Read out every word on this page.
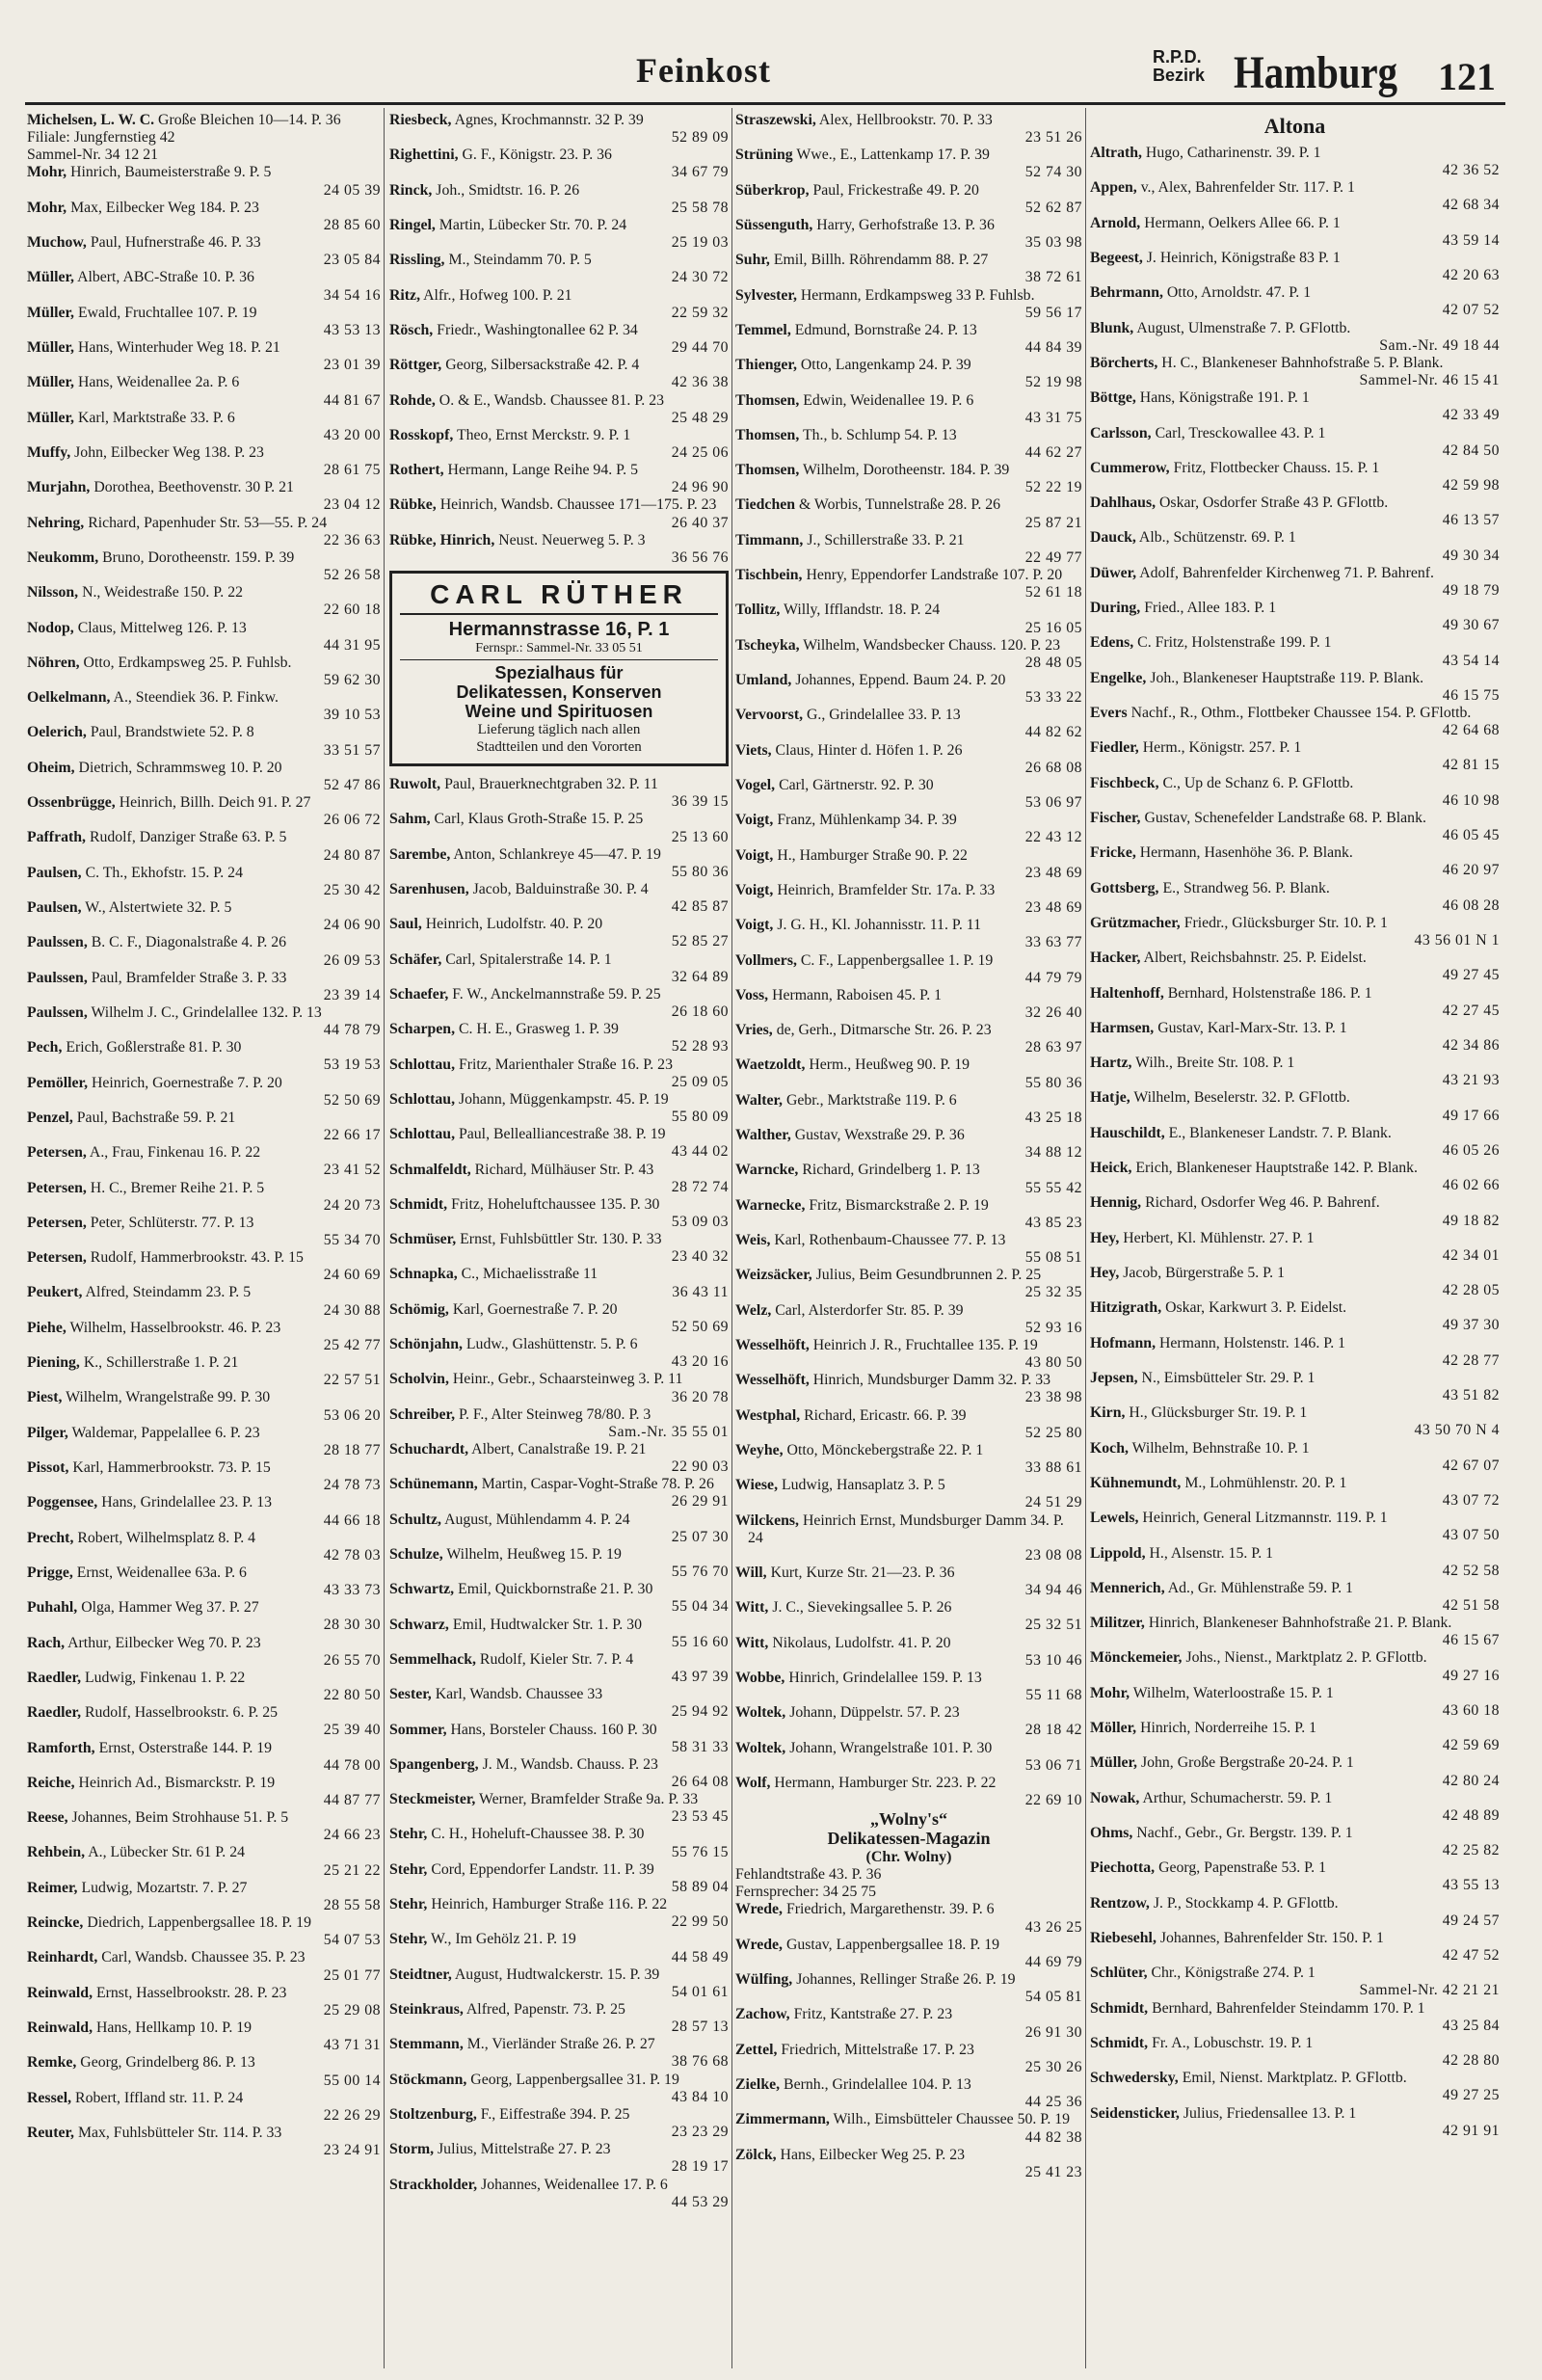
Feinkost	R.P.D.
Bezirk Hamburg 121

Michelsen, L. W. C. Große Bleichen 10—14. P. 36

Filiale: Jungfernstieg 42

Sammel-Nr. 34 12 21

Mohr, Hinrich, Baumeisterstraße 9. P. 5
24 05 39

Mohr, Max, Eilbecker Weg 184. P. 23
28 85 60

Muchow, Paul, Hufnerstraße 46. P. 33
23 05 84

Müller, Albert, ABC-Straße 10. P. 36
34 54 16

Müller, Ewald, Fruchtallee 107. P. 19
43 53 13

Müller, Hans, Winterhuder Weg 18. P. 21
23 01 39

Müller, Hans, Weidenallee 2a. P. 6
44 81 67

Müller, Karl, Marktstraße 33. P. 6
43 20 00

Muffy, John, Eilbecker Weg 138. P. 23
28 61 75

Murjahn, Dorothea, Beethovenstr. 30 P. 21
23 04 12

Nehring, Richard, Papenhuder Str. 53—55. P. 24
22 36 63

Neukomm, Bruno, Dorotheenstr. 159. P. 39
52 26 58

Nilsson, N., Weidestraße 150. P. 22
22 60 18

Nodop, Claus, Mittelweg 126. P. 13
44 31 95

Nöhren, Otto, Erdkampsweg 25. P. Fuhlsb.
59 62 30

Oelkelmann, A., Steendiek 36. P. Finkw.
39 10 53

Oelerich, Paul, Brandstwiete 52. P. 8
33 51 57

Oheim, Dietrich, Schrammsweg 10. P. 20
52 47 86

Ossenbrügge, Heinrich, Billh. Deich 91. P. 27
26 06 72

Paffrath, Rudolf, Danziger Straße 63. P. 5
24 80 87

Paulsen, C. Th., Ekhofstr. 15. P. 24
25 30 42

Paulsen, W., Alstertwiete 32. P. 5
24 06 90

Paulssen, B. C. F., Diagonalstraße 4. P. 26
26 09 53

Paulssen, Paul, Bramfelder Straße 3. P. 33
23 39 14

Paulssen, Wilhelm J. C., Grindelallee 132. P. 13
44 78 79

Pech, Erich, Goßlerstraße 81. P. 30
53 19 53

Pemöller, Heinrich, Goernestraße 7. P. 20
52 50 69

Penzel, Paul, Bachstraße 59. P. 21
22 66 17

Petersen, A., Frau, Finkenau 16. P. 22
23 41 52

Petersen, H. C., Bremer Reihe 21. P. 5
24 20 73

Petersen, Peter, Schlüterstr. 77. P. 13
55 34 70

Petersen, Rudolf, Hammerbrookstr. 43. P. 15
24 60 69

Peukert, Alfred, Steindamm 23. P. 5
24 30 88

Piehe, Wilhelm, Hasselbrookstr. 46. P. 23
25 42 77

Piening, K., Schillerstraße 1. P. 21
22 57 51

Piest, Wilhelm, Wrangelstraße 99. P. 30
53 06 20

Pilger, Waldemar, Pappelallee 6. P. 23
28 18 77

Pissot, Karl, Hammerbrookstr. 73. P. 15
24 78 73

Poggensee, Hans, Grindelallee 23. P. 13
44 66 18

Precht, Robert, Wilhelmsplatz 8. P. 4
42 78 03

Prigge, Ernst, Weidenallee 63a. P. 6
43 33 73

Puhahl, Olga, Hammer Weg 37. P. 27
28 30 30

Rach, Arthur, Eilbecker Weg 70. P. 23
26 55 70

Raedler, Ludwig, Finkenau 1. P. 22
22 80 50

Raedler, Rudolf, Hasselbrookstr. 6. P. 25
25 39 40

Ramforth, Ernst, Osterstraße 144. P. 19
44 78 00

Reiche, Heinrich Ad., Bismarckstr. P. 19
44 87 77

Reese, Johannes, Beim Strohhause 51. P. 5
24 66 23

Rehbein, A., Lübecker Str. 61 P. 24
25 21 22

Reimer, Ludwig, Mozartstr. 7. P. 27
28 55 58

Reincke, Diedrich, Lappenbergsallee 18. P. 19
54 07 53

Reinhardt, Carl, Wandsb. Chaussee 35. P. 23
25 01 77

Reinwald, Ernst, Hasselbrookstr. 28. P. 23
25 29 08

Reinwald, Hans, Hellkamp 10. P. 19
43 71 31

Remke, Georg, Grindelberg 86. P. 13
55 00 14

Ressel, Robert, Iffland str. 11. P. 24
22 26 29

Reuter, Max, Fuhlsbütteler Str. 114. P. 33
23 24 91

Riesbeck, Agnes, Krochmannstr. 32 P. 39
52 89 09

Righettini, G. F., Königstr. 23. P. 36
34 67 79

Rinck, Joh., Smidtstr. 16. P. 26
25 58 78

Ringel, Martin, Lübecker Str. 70. P. 24
25 19 03

Rissling, M., Steindamm 70. P. 5
24 30 72

Ritz, Alfr., Hofweg 100. P. 21
22 59 32

Rösch, Friedr., Washingtonallee 62 P. 34
29 44 70

Röttger, Georg, Silbersackstraße 42. P. 4
42 36 38

Rohde, O. & E., Wandsb. Chaussee 81. P. 23
25 48 29

Rosskopf, Theo, Ernst Merckstr. 9. P. 1
24 25 06

Rothert, Hermann, Lange Reihe 94. P. 5
24 96 90

Rübke, Heinrich, Wandsb. Chaussee 171—175. P. 23
26 40 37

Rübke, Hinrich, Neust. Neuerweg 5. P. 3
36 56 76

CARL RÜTHER
Hermannstrasse 16, P. 1
Fernspr.: Sammel-Nr. 33 05 51
Spezialhaus für
Delikatessen, Konserven
Weine und Spirituosen
Lieferung täglich nach allen
Stadtteilen und den Vororten

Ruwolt, Paul, Brauerknechtgraben 32. P. 11
36 39 15

Sahm, Carl, Klaus Groth-Straße 15. P. 25
25 13 60

Sarembe, Anton, Schlankreye 45—47. P. 19
55 80 36

Sarenhusen, Jacob, Balduinstraße 30. P. 4
42 85 87

Saul, Heinrich, Ludolfstr. 40. P. 20
52 85 27

Schäfer, Carl, Spitalerstraße 14. P. 1
32 64 89

Schaefer, F. W., Anckelmannstraße 59. P. 25
26 18 60

Scharpen, C. H. E., Grasweg 1. P. 39
52 28 93

Schlottau, Fritz, Marienthaler Straße 16. P. 23
25 09 05

Schlottau, Johann, Müggenkampstr. 45. P. 19
55 80 09

Schlottau, Paul, Bellealliancestraße 38. P. 19
43 44 02

Schmalfeldt, Richard, Mülhäuser Str. P. 43
28 72 74

Schmidt, Fritz, Hoheluftchaussee 135. P. 30
53 09 03

Schmüser, Ernst, Fuhlsbüttler Str. 130. P. 33
23 40 32

Schnapka, C., Michaelisstraße 11
36 43 11

Schömig, Karl, Goernestraße 7. P. 20
52 50 69

Schönjahn, Ludw., Glashüttenstr. 5. P. 6
43 20 16

Scholvin, Heinr., Gebr., Schaarsteinweg 3. P. 11
36 20 78

Schreiber, P. F., Alter Steinweg 78/80. P. 3
Sam.-Nr. 35 55 01

Schuchardt, Albert, Canalstraße 19. P. 21
22 90 03

Schünemann, Martin, Caspar-Voght-Straße 78. P. 26
26 29 91

Schultz, August, Mühlendamm 4. P. 24
25 07 30

Schulze, Wilhelm, Heußweg 15. P. 19
55 76 70

Schwartz, Emil, Quickbornstraße 21. P. 30
55 04 34

Schwarz, Emil, Hudtwalcker Str. 1. P. 30
55 16 60

Semmelhack, Rudolf, Kieler Str. 7. P. 4
43 97 39

Sester, Karl, Wandsb. Chaussee 33
25 94 92

Sommer, Hans, Borsteler Chauss. 160 P. 30
58 31 33

Spangenberg, J. M., Wandsb. Chauss. P. 23
26 64 08

Steckmeister, Werner, Bramfelder Straße 9a. P. 33
23 53 45

Stehr, C. H., Hoheluft-Chaussee 38. P. 30
55 76 15

Stehr, Cord, Eppendorfer Landstr. 11. P. 39
58 89 04

Stehr, Heinrich, Hamburger Straße 116. P. 22
22 99 50

Stehr, W., Im Gehölz 21. P. 19
44 58 49

Steidtner, August, Hudtwalckerstr. 15. P. 39
54 01 61

Steinkraus, Alfred, Papenstr. 73. P. 25
28 57 13

Stemmann, M., Vierländer Straße 26. P. 27
38 76 68

Stöckmann, Georg, Lappenbergsallee 31. P. 19
43 84 10

Stoltzenburg, F., Eiffestraße 394. P. 25
23 23 29

Storm, Julius, Mittelstraße 27. P. 23
28 19 17

Strackholder, Johannes, Weidenallee 17. P. 6
44 53 29

Straszewski, Alex, Hellbrookstr. 70. P. 33
23 51 26

Strüning Wwe., E., Lattenkamp 17. P. 39
52 74 30

Süberkrop, Paul, Frickestraße 49. P. 20
52 62 87

Süssenguth, Harry, Gerhofstraße 13. P. 36
35 03 98

Suhr, Emil, Billh. Röhrendamm 88. P. 27
38 72 61

Sylvester, Hermann, Erdkampsweg 33 P. Fuhlsb.
59 56 17

Temmel, Edmund, Bornstraße 24. P. 13
44 84 39

Thienger, Otto, Langenkamp 24. P. 39
52 19 98

Thomsen, Edwin, Weidenallee 19. P. 6
43 31 75

Thomsen, Th., b. Schlump 54. P. 13
44 62 27

Thomsen, Wilhelm, Dorotheenstr. 184. P. 39
52 22 19

Tiedchen & Worbis, Tunnelstraße 28. P. 26
25 87 21

Timmann, J., Schillerstraße 33. P. 21
22 49 77

Tischbein, Henry, Eppendorfer Landstraße 107. P. 20
52 61 18

Tollitz, Willy, Ifflandstr. 18. P. 24
25 16 05

Tscheyka, Wilhelm, Wandsbecker Chauss. 120. P. 23
28 48 05

Umland, Johannes, Eppend. Baum 24. P. 20
53 33 22

Vervoorst, G., Grindelallee 33. P. 13
44 82 62

Viets, Claus, Hinter d. Höfen 1. P. 26
26 68 08

Vogel, Carl, Gärtnerstr. 92. P. 30
53 06 97

Voigt, Franz, Mühlenkamp 34. P. 39
22 43 12

Voigt, H., Hamburger Straße 90. P. 22
23 48 69

Voigt, Heinrich, Bramfelder Str. 17a. P. 33
23 48 69

Voigt, J. G. H., Kl. Johannisstr. 11. P. 11
33 63 77

Vollmers, C. F., Lappenbergsallee 1. P. 19
44 79 79

Voss, Hermann, Raboisen 45. P. 1
32 26 40

Vries, de, Gerh., Ditmarsche Str. 26. P. 23
28 63 97

Waetzoldt, Herm., Heußweg 90. P. 19
55 80 36

Walter, Gebr., Marktstraße 119. P. 6
43 25 18

Walther, Gustav, Wexstraße 29. P. 36
34 88 12

Warncke, Richard, Grindelberg 1. P. 13
55 55 42

Warnecke, Fritz, Bismarckstraße 2. P. 19
43 85 23

Weis, Karl, Rothenbaum-Chaussee 77. P. 13
55 08 51

Weizsäcker, Julius, Beim Gesundbrunnen 2. P. 25
25 32 35

Welz, Carl, Alsterdorfer Str. 85. P. 39
52 93 16

Wesselhöft, Heinrich J. R., Fruchtallee 135. P. 19
43 80 50

Wesselhöft, Hinrich, Mundsburger Damm 32. P. 33
23 38 98

Westphal, Richard, Ericastr. 66. P. 39
52 25 80

Weyhe, Otto, Mönckebergstraße 22. P. 1
33 88 61

Wiese, Ludwig, Hansaplatz 3. P. 5
24 51 29

Wilckens, Heinrich Ernst, Mundsburger Damm 34. P. 24
23 08 08

Will, Kurt, Kurze Str. 21—23. P. 36
34 94 46

Witt, J. C., Sievekingsallee 5. P. 26
25 32 51

Witt, Nikolaus, Ludolfstr. 41. P. 20
53 10 46

Wobbe, Hinrich, Grindelallee 159. P. 13
55 11 68

Woltek, Johann, Düppelstr. 57. P. 23
28 18 42

Woltek, Johann, Wrangelstraße 101. P. 30
53 06 71

Wolf, Hermann, Hamburger Str. 223. P. 22
22 69 10

„Wolny's“
Delikatessen-Magazin
(Chr. Wolny)

Fehlandtstraße 43. P. 36

Fernsprecher: 34 25 75

Wrede, Friedrich, Margarethenstr. 39. P. 6
43 26 25

Wrede, Gustav, Lappenbergsallee 18. P. 19
44 69 79

Wülfing, Johannes, Rellinger Straße 26. P. 19
54 05 81

Zachow, Fritz, Kantstraße 27. P. 23
26 91 30

Zettel, Friedrich, Mittelstraße 17. P. 23
25 30 26

Zielke, Bernh., Grindelallee 104. P. 13
44 25 36

Zimmermann, Wilh., Eimsbütteler Chaussee 50. P. 19
44 82 38

Zölck, Hans, Eilbecker Weg 25. P. 23
25 41 23

Altona

Altrath, Hugo, Catharinenstr. 39. P. 1
42 36 52

Appen, v., Alex, Bahrenfelder Str. 117. P. 1
42 68 34

Arnold, Hermann, Oelkers Allee 66. P. 1
43 59 14

Begeest, J. Heinrich, Königstraße 83 P. 1
42 20 63

Behrmann, Otto, Arnoldstr. 47. P. 1
42 07 52

Blunk, August, Ulmenstraße 7. P. GFlottb.
Sam.-Nr. 49 18 44

Börcherts, H. C., Blankeneser Bahnhofstraße 5. P. Blank.
Sammel-Nr. 46 15 41

Böttge, Hans, Königstraße 191. P. 1
42 33 49

Carlsson, Carl, Tresckowallee 43. P. 1
42 84 50

Cummerow, Fritz, Flottbecker Chauss. 15. P. 1
42 59 98

Dahlhaus, Oskar, Osdorfer Straße 43 P. GFlottb.
46 13 57

Dauck, Alb., Schützenstr. 69. P. 1
49 30 34

Düwer, Adolf, Bahrenfelder Kirchenweg 71. P. Bahrenf.
49 18 79

During, Fried., Allee 183. P. 1
49 30 67

Edens, C. Fritz, Holstenstraße 199. P. 1
43 54 14

Engelke, Joh., Blankeneser Hauptstraße 119. P. Blank.
46 15 75

Evers Nachf., R., Othm., Flottbeker Chaussee 154. P. GFlottb.
42 64 68

Fiedler, Herm., Königstr. 257. P. 1
42 81 15

Fischbeck, C., Up de Schanz 6. P. GFlottb.
46 10 98

Fischer, Gustav, Schenefelder Landstraße 68. P. Blank.
46 05 45

Fricke, Hermann, Hasenhöhe 36. P. Blank.
46 20 97

Gottsberg, E., Strandweg 56. P. Blank.
46 08 28

Grützmacher, Friedr., Glücksburger Str. 10. P. 1
43 56 01 N 1

Hacker, Albert, Reichsbahnstr. 25. P. Eidelst.
49 27 45

Haltenhoff, Bernhard, Holstenstraße 186. P. 1
42 27 45

Harmsen, Gustav, Karl-Marx-Str. 13. P. 1
42 34 86

Hartz, Wilh., Breite Str. 108. P. 1
43 21 93

Hatje, Wilhelm, Beselerstr. 32. P. GFlottb.
49 17 66

Hauschildt, E., Blankeneser Landstr. 7. P. Blank.
46 05 26

Heick, Erich, Blankeneser Hauptstraße 142. P. Blank.
46 02 66

Hennig, Richard, Osdorfer Weg 46. P. Bahrenf.
49 18 82

Hey, Herbert, Kl. Mühlenstr. 27. P. 1
42 34 01

Hey, Jacob, Bürgerstraße 5. P. 1
42 28 05

Hitzigrath, Oskar, Karkwurt 3. P. Eidelst.
49 37 30

Hofmann, Hermann, Holstenstr. 146. P. 1
42 28 77

Jepsen, N., Eimsbütteler Str. 29. P. 1
43 51 82

Kirn, H., Glücksburger Str. 19. P. 1
43 50 70 N 4

Koch, Wilhelm, Behnstraße 10. P. 1
42 67 07

Kühnemundt, M., Lohmühlenstr. 20. P. 1
43 07 72

Lewels, Heinrich, General Litzmannstr. 119. P. 1
43 07 50

Lippold, H., Alsenstr. 15. P. 1
42 52 58

Mennerich, Ad., Gr. Mühlenstraße 59. P. 1
42 51 58

Militzer, Hinrich, Blankeneser Bahnhofstraße 21. P. Blank.
46 15 67

Mönckemeier, Johs., Nienst., Marktplatz 2. P. GFlottb.
49 27 16

Mohr, Wilhelm, Waterloostraße 15. P. 1
43 60 18

Möller, Hinrich, Norderreihe 15. P. 1
42 59 69

Müller, John, Große Bergstraße 20-24. P. 1
42 80 24

Nowak, Arthur, Schumacherstr. 59. P. 1
42 48 89

Ohms, Nachf., Gebr., Gr. Bergstr. 139. P. 1
42 25 82

Piechotta, Georg, Papenstraße 53. P. 1
43 55 13

Rentzow, J. P., Stockkamp 4. P. GFlottb.
49 24 57

Riebesehl, Johannes, Bahrenfelder Str. 150. P. 1
42 47 52

Schlüter, Chr., Königstraße 274. P. 1
Sammel-Nr. 42 21 21

Schmidt, Bernhard, Bahrenfelder Steindamm 170. P. 1
43 25 84

Schmidt, Fr. A., Lobuschstr. 19. P. 1
42 28 80

Schwedersky, Emil, Nienst. Marktplatz. P. GFlottb.
49 27 25

Seidensticker, Julius, Friedensallee 13. P. 1
42 91 91
